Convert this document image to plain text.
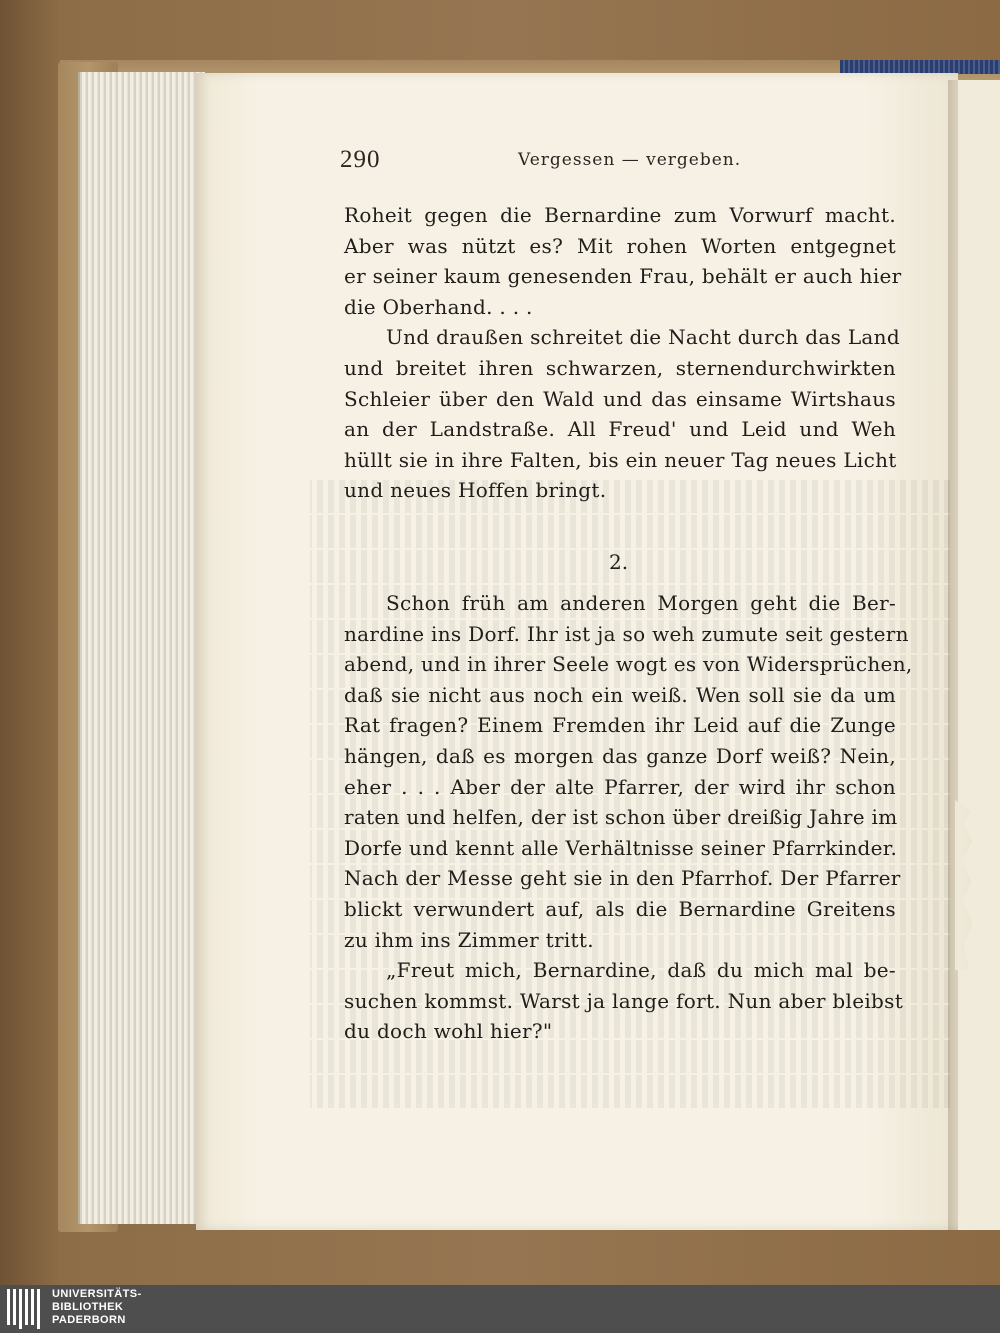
290	Vergessen — vergeben.
Roheit gegen die Bernardine zum Vorwurf macht.
Aber was nützt es? Mit rohen Worten entgegnet
er seiner kaum genesenden Frau, behält er auch hier
die Oberhand. . . .
Und draußen schreitet die Nacht durch das Land
und breitet ihren schwarzen, sternendurchwirkten
Schleier über den Wald und das einsame Wirtshaus
an der Landstraße. All Freud' und Leid und Weh
hüllt sie in ihre Falten, bis ein neuer Tag neues Licht
und neues Hoffen bringt.
2.
Schon früh am anderen Morgen geht die Ber-
nardine ins Dorf. Ihr ist ja so weh zumute seit gestern
abend, und in ihrer Seele wogt es von Widersprüchen,
daß sie nicht aus noch ein weiß. Wen soll sie da um
Rat fragen? Einem Fremden ihr Leid auf die Zunge
hängen, daß es morgen das ganze Dorf weiß? Nein,
eher . . . Aber der alte Pfarrer, der wird ihr schon
raten und helfen, der ist schon über dreißig Jahre im
Dorfe und kennt alle Verhältnisse seiner Pfarrkinder.
Nach der Messe geht sie in den Pfarrhof. Der Pfarrer
blickt verwundert auf, als die Bernardine Greitens
zu ihm ins Zimmer tritt.
„Freut mich, Bernardine, daß du mich mal be-
suchen kommst. Warst ja lange fort. Nun aber bleibst
du doch wohl hier?"
UNIVERSITÄTS-
BIBLIOTHEK
PADERBORN
